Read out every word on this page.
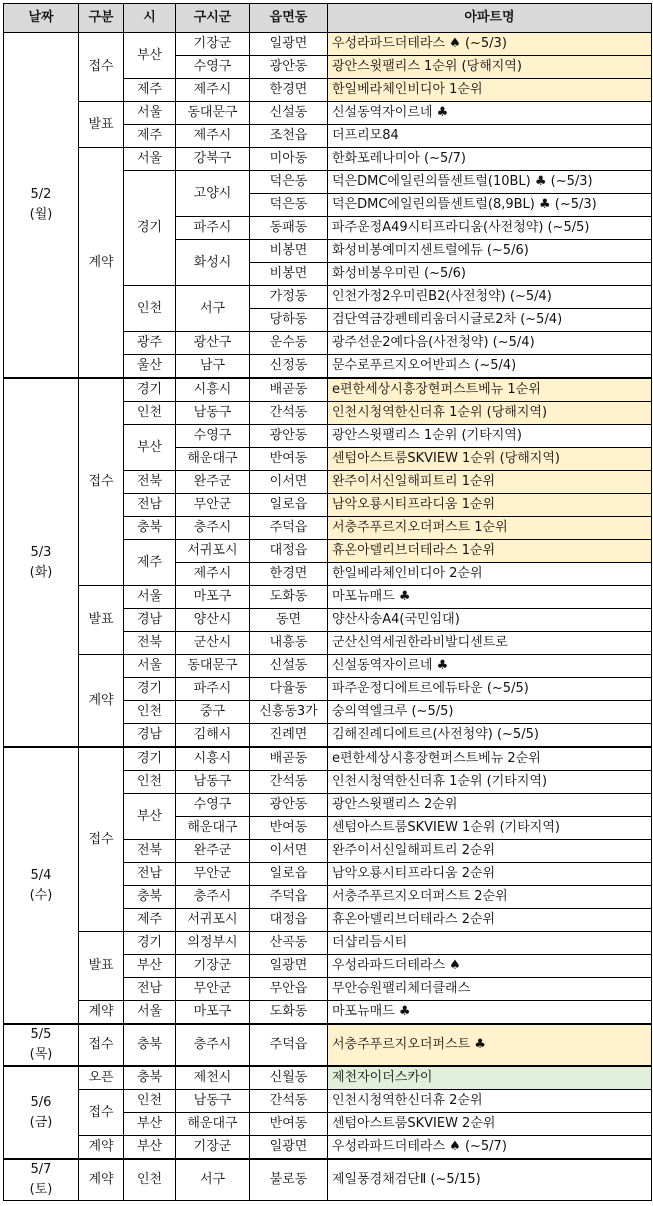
날짜	구분	시	구시군	읍면동	아파트명

5/2
(월)	접수	부산	기장군	일광면	우성라파드더테라스 ♠ (~5/3)
			수영구	광안동	광안스윗팰리스 1순위 (당해지역)
		제주	제주시	한경면	한일베라체인비디아 1순위
	발표	서울	동대문구	신설동	신설동역자이르네 ♣
		제주	제주시	조천읍	더프리모84
	계약	서울	강북구	미아동	한화포레나미아 (~5/7)
		경기	고양시	덕은동	덕은DMC에일린의뜰센트럴(10BL) ♣ (~5/3)
				덕은동	덕은DMC에일린의뜰센트럴(8,9BL) ♣ (~5/3)
			파주시	동패동	파주운정A49시티프라디움(사전청약) (~5/5)
			화성시	비봉면	화성비봉예미지센트럴에듀 (~5/6)
				비봉면	화성비봉우미린 (~5/6)
		인천	서구	가정동	인천가정2우미린B2(사전청약) (~5/4)
				당하동	검단역금강펜테리움더시글로2차 (~5/4)
		광주	광산구	운수동	광주선운2예다음(사전청약) (~5/4)
		울산	남구	신정동	문수로푸르지오어반피스 (~5/4)

5/3
(화)	접수	경기	시흥시	배곧동	e편한세상시흥장현퍼스트베뉴 1순위
		인천	남동구	간석동	인천시청역한신더휴 1순위 (당해지역)
		부산	수영구	광안동	광안스윗팰리스 1순위 (기타지역)
			해운대구	반여동	센텀아스트룸SKVIEW 1순위 (당해지역)
		전북	완주군	이서면	완주이서신일해피트리 1순위
		전남	무안군	일로읍	남악오룡시티프라디움 1순위
		충북	충주시	주덕읍	서충주푸르지오더퍼스트 1순위
		제주	서귀포시	대정읍	휴온아델리브더테라스 1순위
			제주시	한경면	한일베라체인비디아 2순위
	발표	서울	마포구	도화동	마포뉴매드 ♣
		경남	양산시	동면	양산사송A4(국민임대)
		전북	군산시	내흥동	군산신역세권한라비발디센트로
	계약	서울	동대문구	신설동	신설동역자이르네 ♣
		경기	파주시	다율동	파주운정디에트르에듀타운 (~5/5)
		인천	중구	신흥동3가	숭의역엘크루 (~5/5)
		경남	김해시	진례면	김해진례디에트르(사전청약) (~5/5)

5/4
(수)	접수	경기	시흥시	배곧동	e편한세상시흥장현퍼스트베뉴 2순위
		인천	남동구	간석동	인천시청역한신더휴 1순위 (기타지역)
		부산	수영구	광안동	광안스윗팰리스 2순위
			해운대구	반여동	센텀아스트룸SKVIEW 1순위 (기타지역)
		전북	완주군	이서면	완주이서신일해피트리 2순위
		전남	무안군	일로읍	남악오룡시티프라디움 2순위
		충북	충주시	주덕읍	서충주푸르지오더퍼스트 2순위
		제주	서귀포시	대정읍	휴온아델리브더테라스 2순위
	발표	경기	의정부시	산곡동	더샵리듬시티
		부산	기장군	일광면	우성라파드더테라스 ♠
		전남	무안군	무안읍	무안승원팰리체더클래스
	계약	서울	마포구	도화동	마포뉴매드 ♣

5/5
(목)	접수	충북	충주시	주덕읍	서충주푸르지오더퍼스트 ♣

5/6
(금)	오픈	충북	제천시	신월동	제천자이더스카이
	접수	인천	남동구	간석동	인천시청역한신더휴 2순위
		부산	해운대구	반여동	센텀아스트룸SKVIEW 2순위
	계약	부산	기장군	일광면	우성라파드더테라스 ♠ (~5/7)

5/7
(토)	계약	인천	서구	불로동	제일풍경채검단Ⅱ (~5/15)
